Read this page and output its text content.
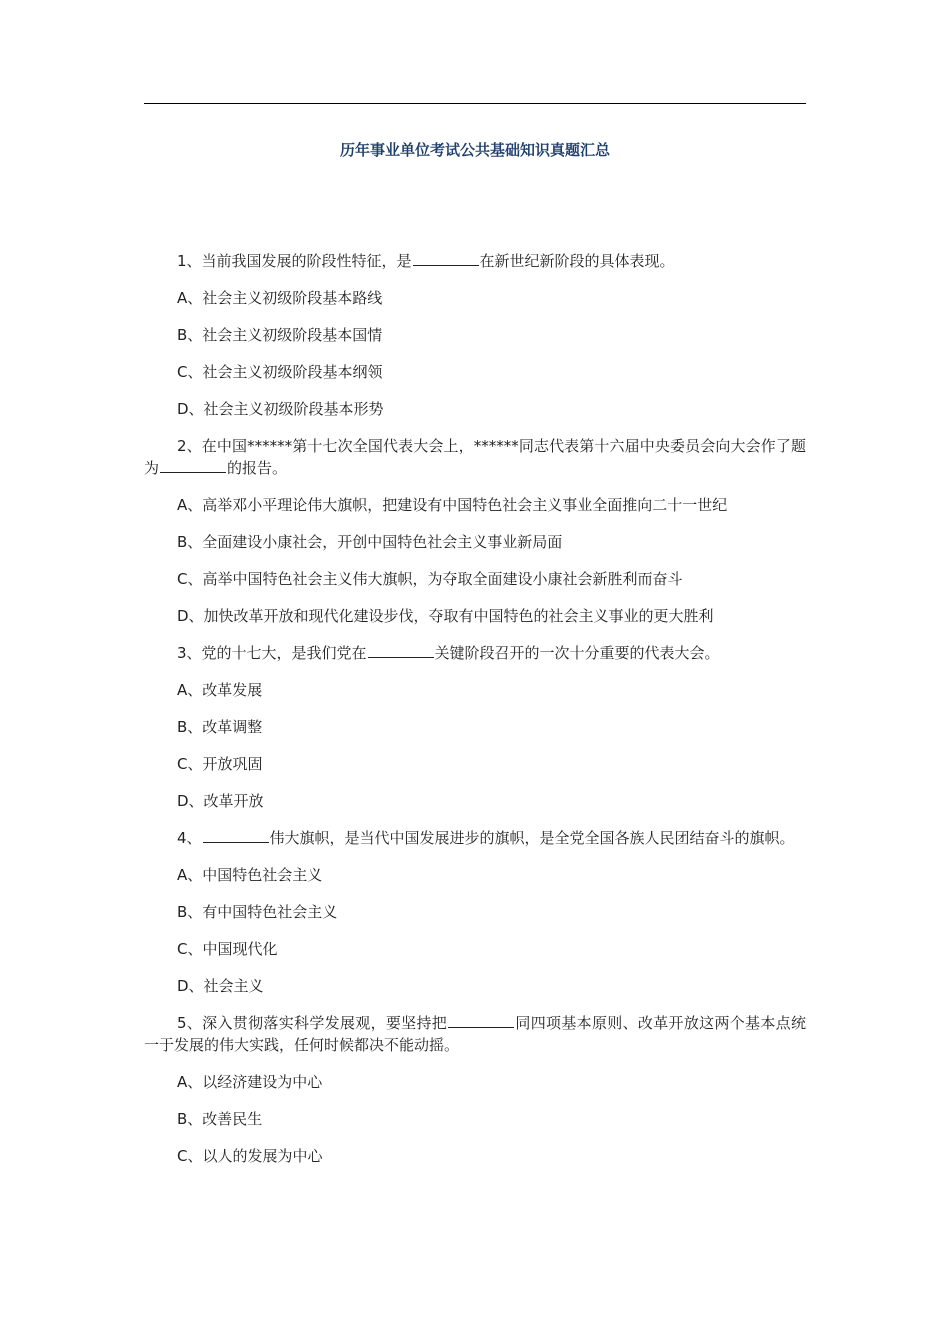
历年事业单位考试公共基础知识真题汇总

1、当前我国发展的阶段性特征，是	在新世纪新阶段的具体表现。

A、社会主义初级阶段基本路线

B、社会主义初级阶段基本国情

C、社会主义初级阶段基本纲领

D、社会主义初级阶段基本形势

2、在中国******第十七次全国代表大会上，******同志代表第十六届中央委员会向大会作了题为	的报告。

A、高举邓小平理论伟大旗帜，把建设有中国特色社会主义事业全面推向二十一世纪

B、全面建设小康社会，开创中国特色社会主义事业新局面

C、高举中国特色社会主义伟大旗帜，为夺取全面建设小康社会新胜利而奋斗

D、加快改革开放和现代化建设步伐，夺取有中国特色的社会主义事业的更大胜利

3、党的十七大，是我们党在	关键阶段召开的一次十分重要的代表大会。

A、改革发展

B、改革调整

C、开放巩固

D、改革开放

4、	伟大旗帜，是当代中国发展进步的旗帜，是全党全国各族人民团结奋斗的旗帜。

A、中国特色社会主义

B、有中国特色社会主义

C、中国现代化

D、社会主义

5、深入贯彻落实科学发展观，要坚持把	同四项基本原则、改革开放这两个基本点统一于发展的伟大实践，任何时候都决不能动摇。

A、以经济建设为中心

B、改善民生

C、以人的发展为中心
